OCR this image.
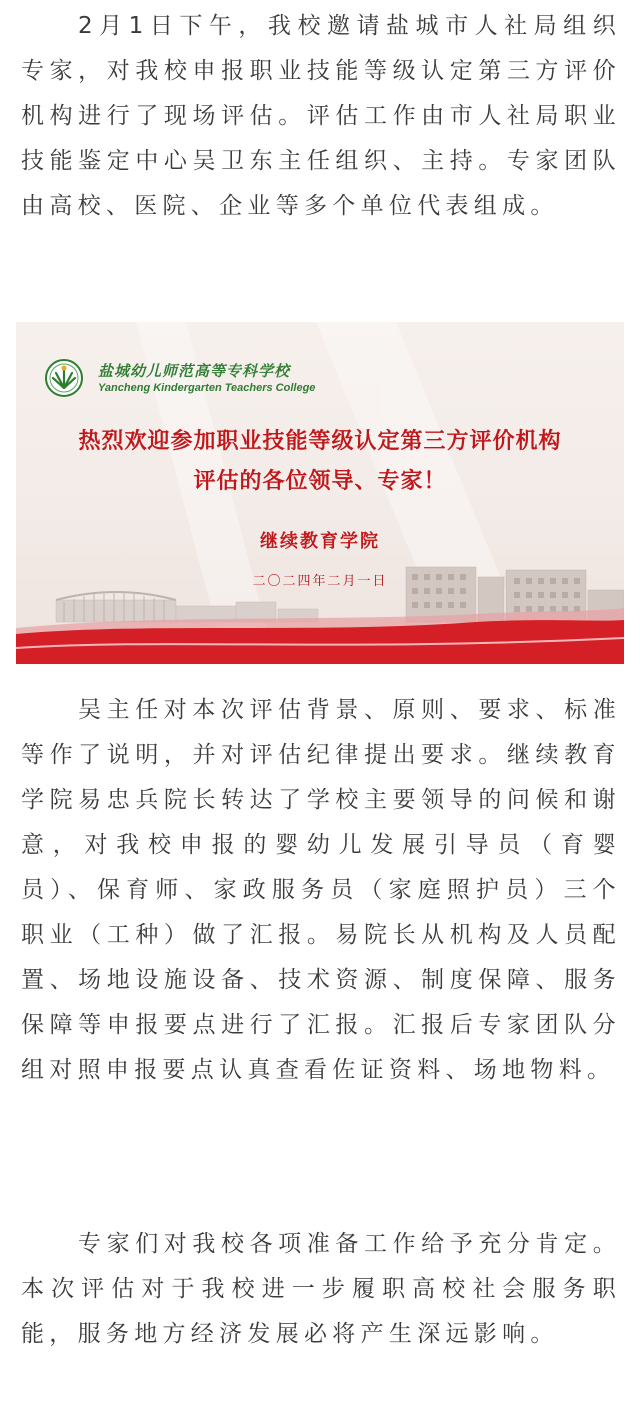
2月1日下午，我校邀请盐城市人社局组织专家，对我校申报职业技能等级认定第三方评价机构进行了现场评估。评估工作由市人社局职业技能鉴定中心吴卫东主任组织、主持。专家团队由高校、医院、企业等多个单位代表组成。

吴主任对本次评估背景、原则、要求、标准等作了说明，并对评估纪律提出要求。继续教育学院易忠兵院长转达了学校主要领导的问候和谢意，对我校申报的婴幼儿发展引导员（育婴员）、保育师、家政服务员（家庭照护员）三个职业（工种）做了汇报。易院长从机构及人员配置、场地设施设备、技术资源、制度保障、服务保障等申报要点进行了汇报。汇报后专家团队分组对照申报要点认真查看佐证资料、场地物料。

专家们对我校各项准备工作给予充分肯定。本次评估对于我校进一步履职高校社会服务职能，服务地方经济发展必将产生深远影响。

盐城幼儿师范高等专科学校
Yancheng Kindergarten Teachers College
热烈欢迎参加职业技能等级认定第三方评价机构
评估的各位领导、专家！
继续教育学院
二〇二四年二月一日
